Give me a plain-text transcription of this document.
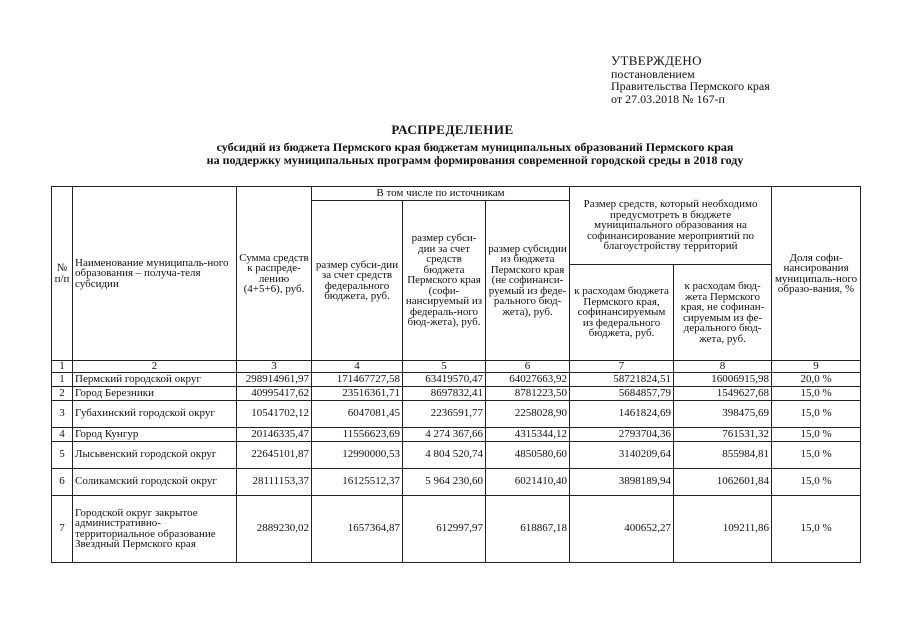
УТВЕРЖДЕНО
постановлением
Правительства Пермского края
от 27.03.2018 № 167-п
РАСПРЕДЕЛЕНИЕ
субсидий из бюджета Пермского края бюджетам муниципальных образований Пермского края
на поддержку муниципальных программ формирования современной городской среды в 2018 году
№ п/п	Наименование муниципаль-ного образования – получа-теля субсидии	Сумма средств к распреде-лению (4+5+6), руб.	В том числе по источникам			Размер средств, который необходимо предусмотреть в бюджете муниципального образования на софинансирование мероприятий по благоустройству территорий		Доля софи-нансирования муниципаль-ного образо-вания, %
			размер субси-дии за счет средств федерального бюджета, руб.	размер субси-дии за счет средств бюджета Пермского края (софи-нансируемый из федераль-ного бюд-жета), руб.	размер субсидии из бюджета Пермского края (не софинанси-руемый из феде-рального бюд-жета), руб.			
						к расходам бюджета Пермского края, софинансируемым из федерального бюджета, руб.	к расходам бюд-жета Пермского края, не софинан-сируемым из фе-дерального бюд-жета, руб.	
1	2	3	4	5	6	7	8	9
1	Пермский городской округ	298914961,97	171467727,58	63419570,47	64027663,92	58721824,51	16006915,98	20,0 %
2	Город Березники	40995417,62	23516361,71	8697832,41	8781223,50	5684857,79	1549627,68	15,0 %
3	Губахинский городской округ	10541702,12	6047081,45	2236591,77	2258028,90	1461824,69	398475,69	15,0 %
4	Город Кунгур	20146335,47	11556623,69	4 274 367,66	4315344,12	2793704,36	761531,32	15,0 %
5	Лысьвенский городской округ	22645101,87	12990000,53	4 804 520,74	4850580,60	3140209,64	855984,81	15,0 %
6	Соликамский городской округ	28111153,37	16125512,37	5 964 230,60	6021410,40	3898189,94	1062601,84	15,0 %
7	Городской округ закрытое административно-территориальное образование Звездный Пермского края	2889230,02	1657364,87	612997,97	618867,18	400652,27	109211,86	15,0 %
